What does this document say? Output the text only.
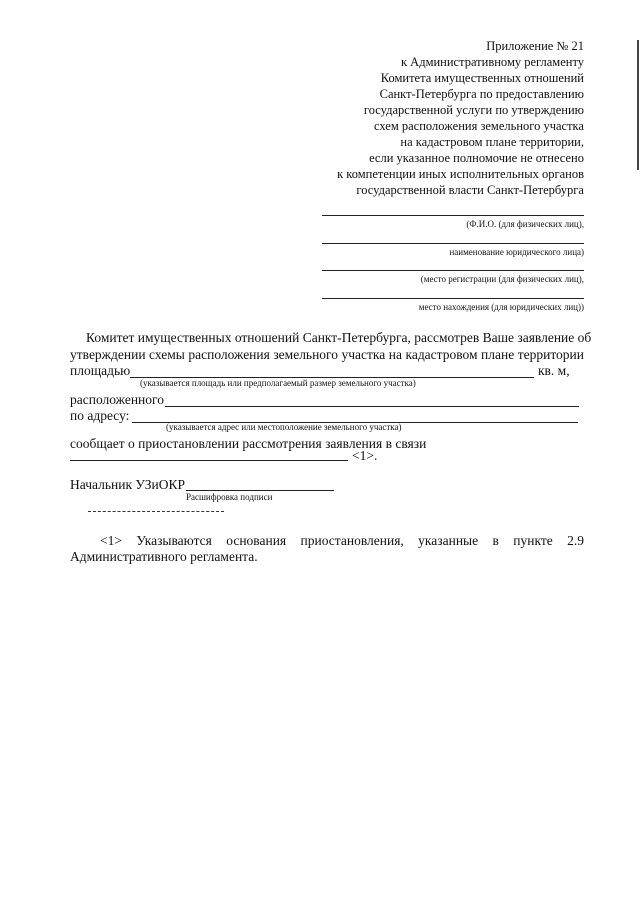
Приложение № 21
к Административному регламенту
Комитета имущественных отношений
Санкт-Петербурга по предоставлению
государственной услуги по утверждению
схем расположения земельного участка
на кадастровом плане территории,
если указанное полномочие не отнесено
к компетенции иных исполнительных органов
государственной власти Санкт-Петербурга
(Ф.И.О. (для физических лиц),
наименование юридического лица)
(место регистрации (для физических лиц),
место нахождения (для юридических лиц))
Комитет имущественных отношений Санкт-Петербурга, рассмотрев Ваше заявление об
утверждении схемы расположения земельного участка на кадастровом плане территории
площадью	кв. м,
(указывается площадь или предполагаемый размер земельного участка)
расположенного
по адресу:
(указывается адрес или местоположение земельного участка)
сообщает о приостановлении рассмотрения заявления в связи
<1>.
Начальник УЗиОКР
Расшифровка подписи
<1> Указываются основания приостановления, указанные в пункте 2.9
Административного регламента.
